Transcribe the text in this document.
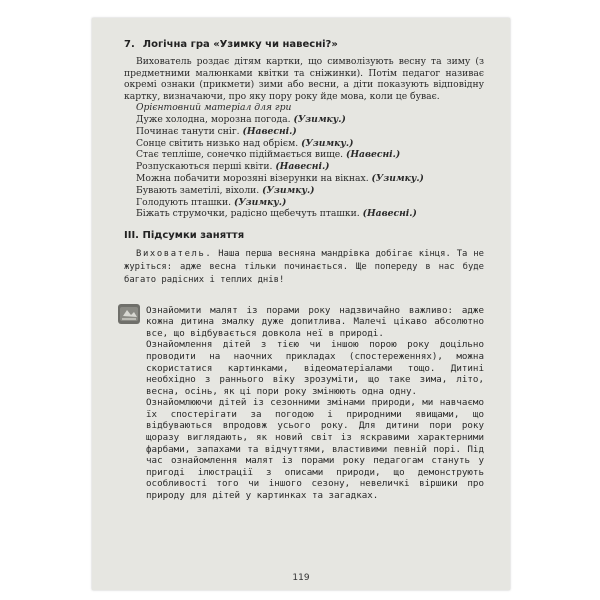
7. Логічна гра «Узимку чи навесні?»

Вихователь роздає дітям картки, що символізують весну та зиму (з предметними малюнками квітки та сніжинки). Потім педагог називає окремі ознаки (прикмети) зими або весни, а діти показують відповідну картку, визначаючи, про яку пору року йде мова, коли це буває.

Орієнтовний матеріал для гри
Дуже холодна, морозна погода. (Узимку.)
Починає танути сніг. (Навесні.)
Сонце світить низько над обрієм. (Узимку.)
Стає тепліше, сонечко підіймається вище. (Навесні.)
Розпускаються перші квіти. (Навесні.)
Можна побачити морозяні візерунки на вікнах. (Узимку.)
Бувають заметілі, віхоли. (Узимку.)
Голодують пташки. (Узимку.)
Біжать струмочки, радісно щебечуть пташки. (Навесні.)
III. Підсумки заняття

Вихователь. Наша перша весняна мандрівка добігає кінця. Та не журіться: адже весна тільки починається. Ще попереду в нас буде багато радісних і теплих днів!

Ознайомити малят із порами року надзвичайно важливо: адже кожна дитина змалку дуже допитлива. Малечі цікаво абсолютно все, що відбувається довкола неї в природі.

Ознайомлення дітей з тією чи іншою порою року доцільно проводити на наочних прикладах (спостереженнях), можна скористатися картинками, відеоматеріалами тощо. Дитині необхідно з раннього віку зрозуміти, що таке зима, літо, весна, осінь, як ці пори року змінюють одна одну.

Ознайомлюючи дітей із сезонними змінами природи, ми навчаємо їх спостерігати за погодою і природними явищами, що відбуваються впродовж усього року. Для дитини пори року щоразу виглядають, як новий світ із яскравими характерними фарбами, запахами та відчуттями, властивими певній порі. Під час ознайомлення малят із порами року педагогам стануть у пригоді ілюстрації з описами природи, що демонструють особливості того чи іншого сезону, невеличкі віршики про природу для дітей у картинках та загадках.

119
